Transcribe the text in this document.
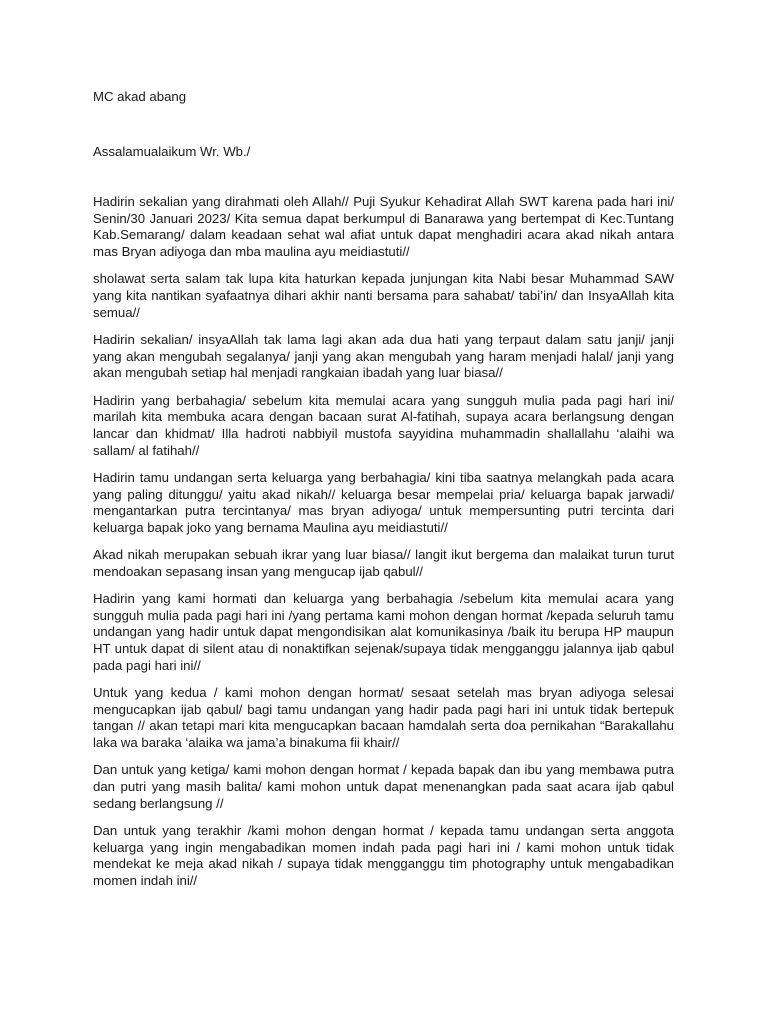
MC akad abang

Assalamualaikum Wr. Wb./

Hadirin sekalian yang dirahmati oleh Allah// Puji Syukur Kehadirat Allah SWT karena pada hari ini/ Senin/30 Januari 2023/ Kita semua dapat berkumpul di Banarawa yang bertempat di Kec.Tuntang Kab.Semarang/ dalam keadaan sehat wal afiat untuk dapat menghadiri acara akad nikah antara mas Bryan adiyoga dan mba maulina ayu meidiastuti//

sholawat serta salam tak lupa kita haturkan kepada junjungan kita Nabi besar Muhammad SAW yang kita nantikan syafaatnya dihari akhir nanti bersama para sahabat/ tabi’in/ dan InsyaAllah kita semua//

Hadirin sekalian/ insyaAllah tak lama lagi akan ada dua hati yang terpaut dalam satu janji/ janji yang akan mengubah segalanya/ janji yang akan mengubah yang haram menjadi halal/ janji yang akan mengubah setiap hal menjadi rangkaian ibadah yang luar biasa//

Hadirin yang berbahagia/ sebelum kita memulai acara yang sungguh mulia pada pagi hari ini/ marilah kita membuka acara dengan bacaan surat Al-fatihah, supaya acara berlangsung dengan lancar dan khidmat/ Illa hadroti nabbiyil mustofa sayyidina muhammadin shallallahu ‘alaihi wa sallam/ al fatihah//

Hadirin tamu undangan serta keluarga yang berbahagia/ kini tiba saatnya melangkah pada acara yang paling ditunggu/ yaitu akad nikah// keluarga besar mempelai pria/ keluarga bapak jarwadi/ mengantarkan putra tercintanya/ mas bryan adiyoga/ untuk mempersunting putri tercinta dari keluarga bapak joko yang bernama Maulina ayu meidiastuti//

Akad nikah merupakan sebuah ikrar yang luar biasa// langit ikut bergema dan malaikat turun turut mendoakan sepasang insan yang mengucap ijab qabul//

Hadirin yang kami hormati dan keluarga yang berbahagia /sebelum kita memulai acara yang sungguh mulia pada pagi hari ini /yang pertama kami mohon dengan hormat /kepada seluruh tamu undangan yang hadir untuk dapat mengondisikan alat komunikasinya /baik itu berupa HP maupun HT untuk dapat di silent atau di nonaktifkan sejenak/supaya tidak mengganggu jalannya ijab qabul pada pagi hari ini//

Untuk yang kedua / kami mohon dengan hormat/ sesaat setelah mas bryan adiyoga selesai mengucapkan ijab qabul/ bagi tamu undangan yang hadir pada pagi hari ini untuk tidak bertepuk tangan // akan tetapi mari kita mengucapkan bacaan hamdalah serta doa pernikahan “Barakallahu laka wa baraka ‘alaika wa jama’a binakuma fii khair//

Dan untuk yang ketiga/ kami mohon dengan hormat / kepada bapak dan ibu yang membawa putra dan putri yang masih balita/ kami mohon untuk dapat menenangkan pada saat acara ijab qabul sedang berlangsung //

Dan untuk yang terakhir /kami mohon dengan hormat / kepada tamu undangan serta anggota keluarga yang ingin mengabadikan momen indah pada pagi hari ini / kami mohon untuk tidak mendekat ke meja akad nikah / supaya tidak mengganggu tim photography untuk mengabadikan momen indah ini//
